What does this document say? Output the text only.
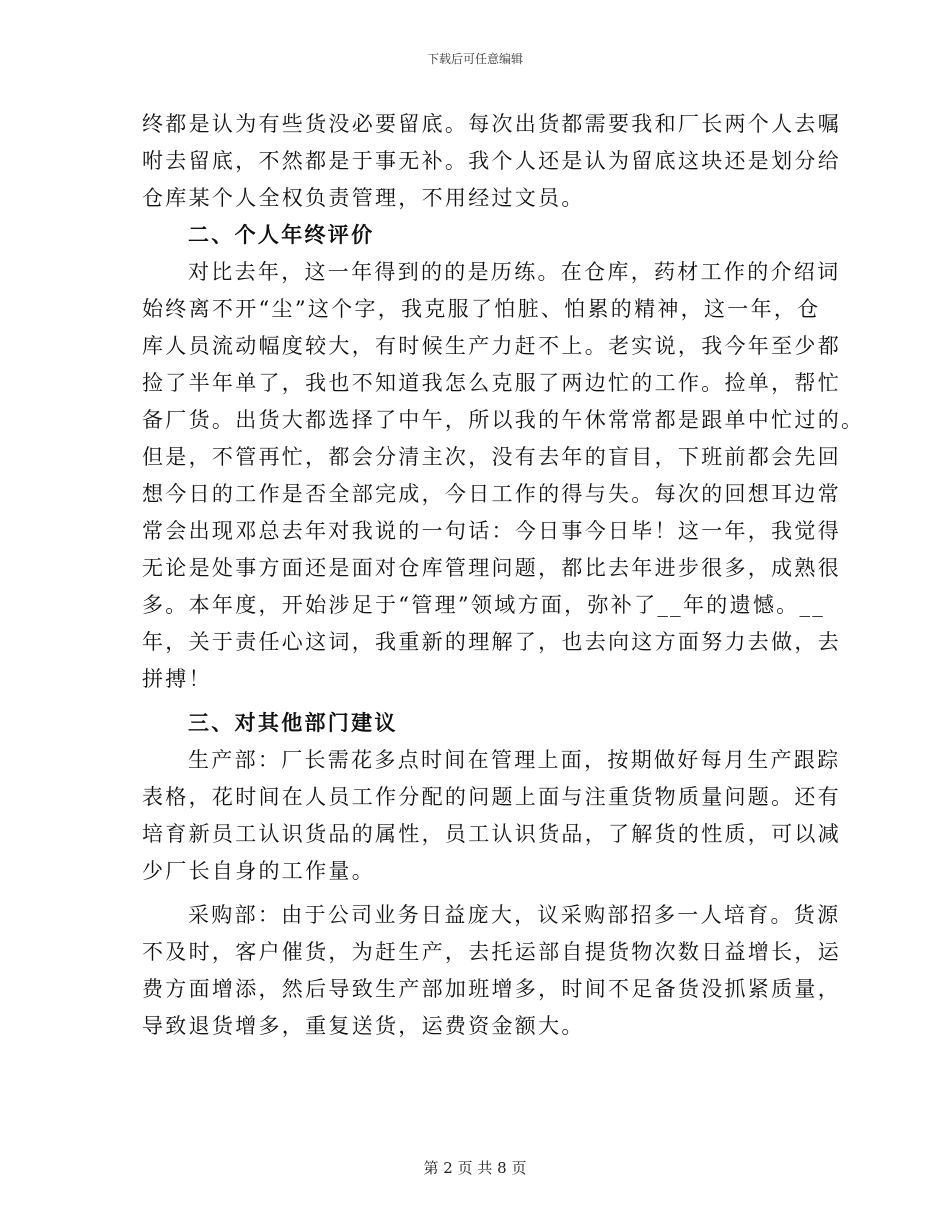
下载后可任意编辑
终都是认为有些货没必要留底。每次出货都需要我和厂长两个人去嘱
咐去留底，不然都是于事无补。我个人还是认为留底这块还是划分给
仓库某个人全权负责管理，不用经过文员。
二、个人年终评价
对比去年，这一年得到的的是历练。在仓库，药材工作的介绍词
始终离不开“尘”这个字，我克服了怕脏、怕累的精神，这一年，仓
库人员流动幅度较大，有时候生产力赶不上。老实说，我今年至少都
捡了半年单了，我也不知道我怎么克服了两边忙的工作。捡单，帮忙
备厂货。出货大都选择了中午，所以我的午休常常都是跟单中忙过的。
但是，不管再忙，都会分清主次，没有去年的盲目，下班前都会先回
想今日的工作是否全部完成，今日工作的得与失。每次的回想耳边常
常会出现邓总去年对我说的一句话：今日事今日毕！这一年，我觉得
无论是处事方面还是面对仓库管理问题，都比去年进步很多，成熟很
多。本年度，开始涉足于“管理”领域方面，弥补了__年的遗憾。__
年，关于责任心这词，我重新的理解了，也去向这方面努力去做，去
拼搏！
三、对其他部门建议
生产部：厂长需花多点时间在管理上面，按期做好每月生产跟踪
表格，花时间在人员工作分配的问题上面与注重货物质量问题。还有
培育新员工认识货品的属性，员工认识货品，了解货的性质，可以减
少厂长自身的工作量。
采购部：由于公司业务日益庞大，议采购部招多一人培育。货源
不及时，客户催货，为赶生产，去托运部自提货物次数日益增长，运
费方面增添，然后导致生产部加班增多，时间不足备货没抓紧质量，
导致退货增多，重复送货，运费资金额大。
第 2 页 共 8 页
